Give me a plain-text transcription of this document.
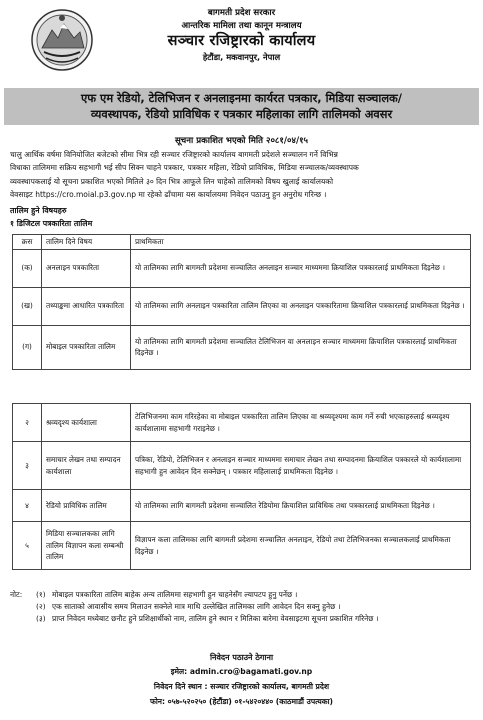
बागमती प्रदेश सरकार
आन्तरिक मामिला तथा कानून मन्त्रालय
सञ्चार रजिष्ट्रारको कार्यालय
हेटौंडा, मकवानपुर, नेपाल
एफ एम रेडियो, टेलिभिजन र अनलाइनमा कार्यरत पत्रकार, मिडिया सञ्चालक/
व्यवस्थापक, रेडियो प्राविधिक र पत्रकार महिलाका लागि तालिमको अवसर
सूचना प्रकाशित भएको मिति २०८१/०४/१५
चालु आर्थिक वर्षमा विनियोजित बजेटको सीमा भित्र रही सञ्चार रजिष्ट्रारको कार्यालय बागमती प्रदेशले सञ्चालन गर्ने विभिन्न
विधाका तालिममा सक्रिय सहभागी भई सीप सिक्न चाहने पत्रकार, पत्रकार महिला, रेडियो प्राविधिक, मिडिया सञ्चालक/व्यवस्थापक
व्यवस्थापकलाई यो सूचना प्रकाशित भएको मितिले ३० दिन भित्र आफूले लिन चाहेको तालिमको विषय खुलाई कार्यालयको
वेवसाइट https://cro.moial.p3.gov.np मा रहेको ढाँचामा यस कार्यालयमा निवेदन पठाउनु हुन अनुरोध गरिन्छ ।
तालिम हुने विषयहरु
१ डिजिटल पत्रकारिता तालिम
क्रस	तालिम दिने विषय	प्राथमिकता
(क)	अनलाइन पत्रकारिता	यो तालिमका लागि बागमती प्रदेशमा सञ्चालित अनलाइन सञ्चार माध्यममा क्रियाशिल पत्रकारलाई प्राथमिकता दिइनेछ ।
(ख)	तथ्याङ्कमा आधारित पत्रकारिता	यो तालिमका लागि अनलाइन पत्रकारिता तालिम लिएका वा अनलाइन पत्रकारितामा क्रियाशिल पत्रकारलाई प्राथमिकता दिइनेछ ।
(ग)	मोबाइल पत्रकारिता तालिम	यो तालिमका लागि बागमती प्रदेशमा सञ्चालित टेलिभिजन वा अनलाइन सञ्चार माध्यममा क्रियाशिल पत्रकारलाई प्राथमिकता दिइनेछ ।
२	श्रव्यदृश्य कार्यशाला	टेलिभिजनमा काम गरिरहेका वा मोबाइल पत्रकारिता तालिम लिएका वा श्रव्यदृश्यमा काम गर्ने रुची भएकाहरुलाई श्रव्यदृश्य कार्यशालामा सहभागी गराइनेछ ।
३	समाचार लेखन तथा सम्पादन कार्यशाला	पत्रिका, रेडियो, टेलिभिजन र अनलाइन सञ्चार माध्यममा समाचार लेखन तथा सम्पादनमा क्रियाशिल पत्रकारले यो कार्यशालामा सहभागी हुन आवेदन दिन सक्नेछन् । पत्रकार महिलालाई प्राथमिकता दिइनेछ ।
४	रेडियो प्राविधिक तालिम	यो तालिमका लागि बागमती प्रदेशमा सञ्चालित रेडियोमा क्रियाशिल प्राविधिक तथा पत्रकारलाई प्राथमिकता दिइनेछ ।
५	मिडिया सञ्चालकका लागि तालिम विज्ञापन कला सम्बन्धी तालिम	विज्ञापन कला तालिमका लागि बागमती प्रदेशमा सञ्चालित अनलाइन, रेडियो तथा टेलिभिजनका सञ्चालकलाई प्राथमिकता दिइनेछ ।
नोट:	(१) मोबाइल पत्रकारिता तालिम बाहेक अन्य तालिममा सहभागी हुन चाहनेसँग ल्यापटप हुनु पर्नेछ ।
(२) एक साताको आवासीय समय मिलाउन सक्नेले मात्र माथि उल्लेखित तालिमका लागि आवेदन दिन सक्नु हुनेछ ।
(३) प्राप्त निवेदन मध्येबाट छनौट हुने प्रशिक्षार्थीको नाम, तालिम हुने स्थान र मितिका बारेमा वेवसाइटमा सूचना प्रकाशित गरिनेछ ।
निवेदन पठाउने ठेगाना
इमेल: admin.cro@bagamati.gov.np
निवेदन दिने स्थान : सञ्चार रजिष्ट्रारको कार्यालय, बागमती प्रदेश
फोन: ०५७-५२०२५० (हेटौंडा) ०१-५४२०४४० (काठमाडौं उपत्यका)
